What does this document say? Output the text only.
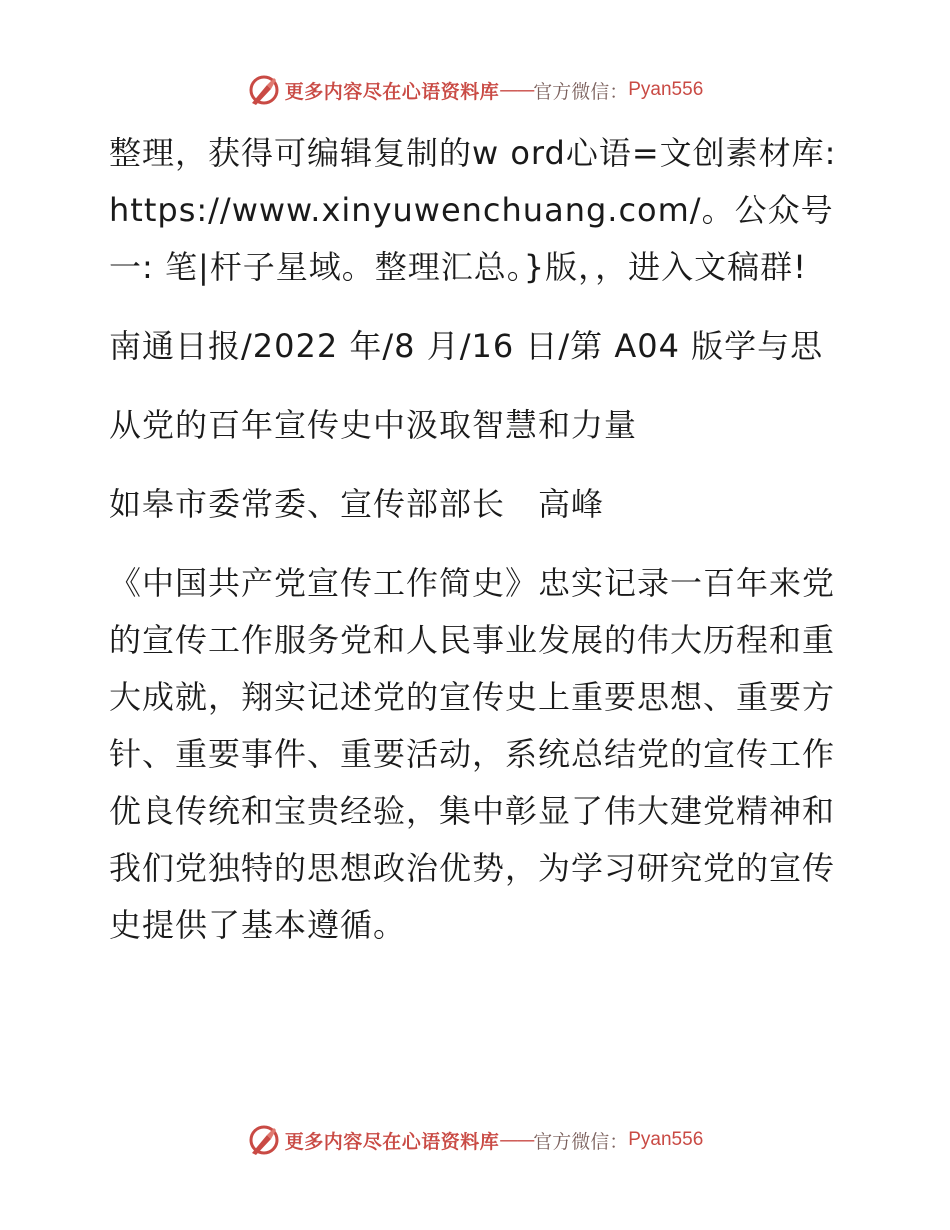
更多内容尽在心语资料库 —— 官方微信： Pyan556

整理，获得可编辑复制的w ord心语=文创素材库: https://www.xinyuwenchuang.com/。公众号一: 笔|杆子星域。整理汇总。}版，，进入文稿群!

南通日报/2022 年/8 月/16 日/第 A04 版学与思

从党的百年宣传史中汲取智慧和力量

如皋市委常委、宣传部部长　高峰

《中国共产党宣传工作简史》忠实记录一百年来党的宣传工作服务党和人民事业发展的伟大历程和重大成就，翔实记述党的宣传史上重要思想、重要方针、重要事件、重要活动，系统总结党的宣传工作优良传统和宝贵经验，集中彰显了伟大建党精神和我们党独特的思想政治优势，为学习研究党的宣传史提供了基本遵循。

更多内容尽在心语资料库 —— 官方微信： Pyan556
